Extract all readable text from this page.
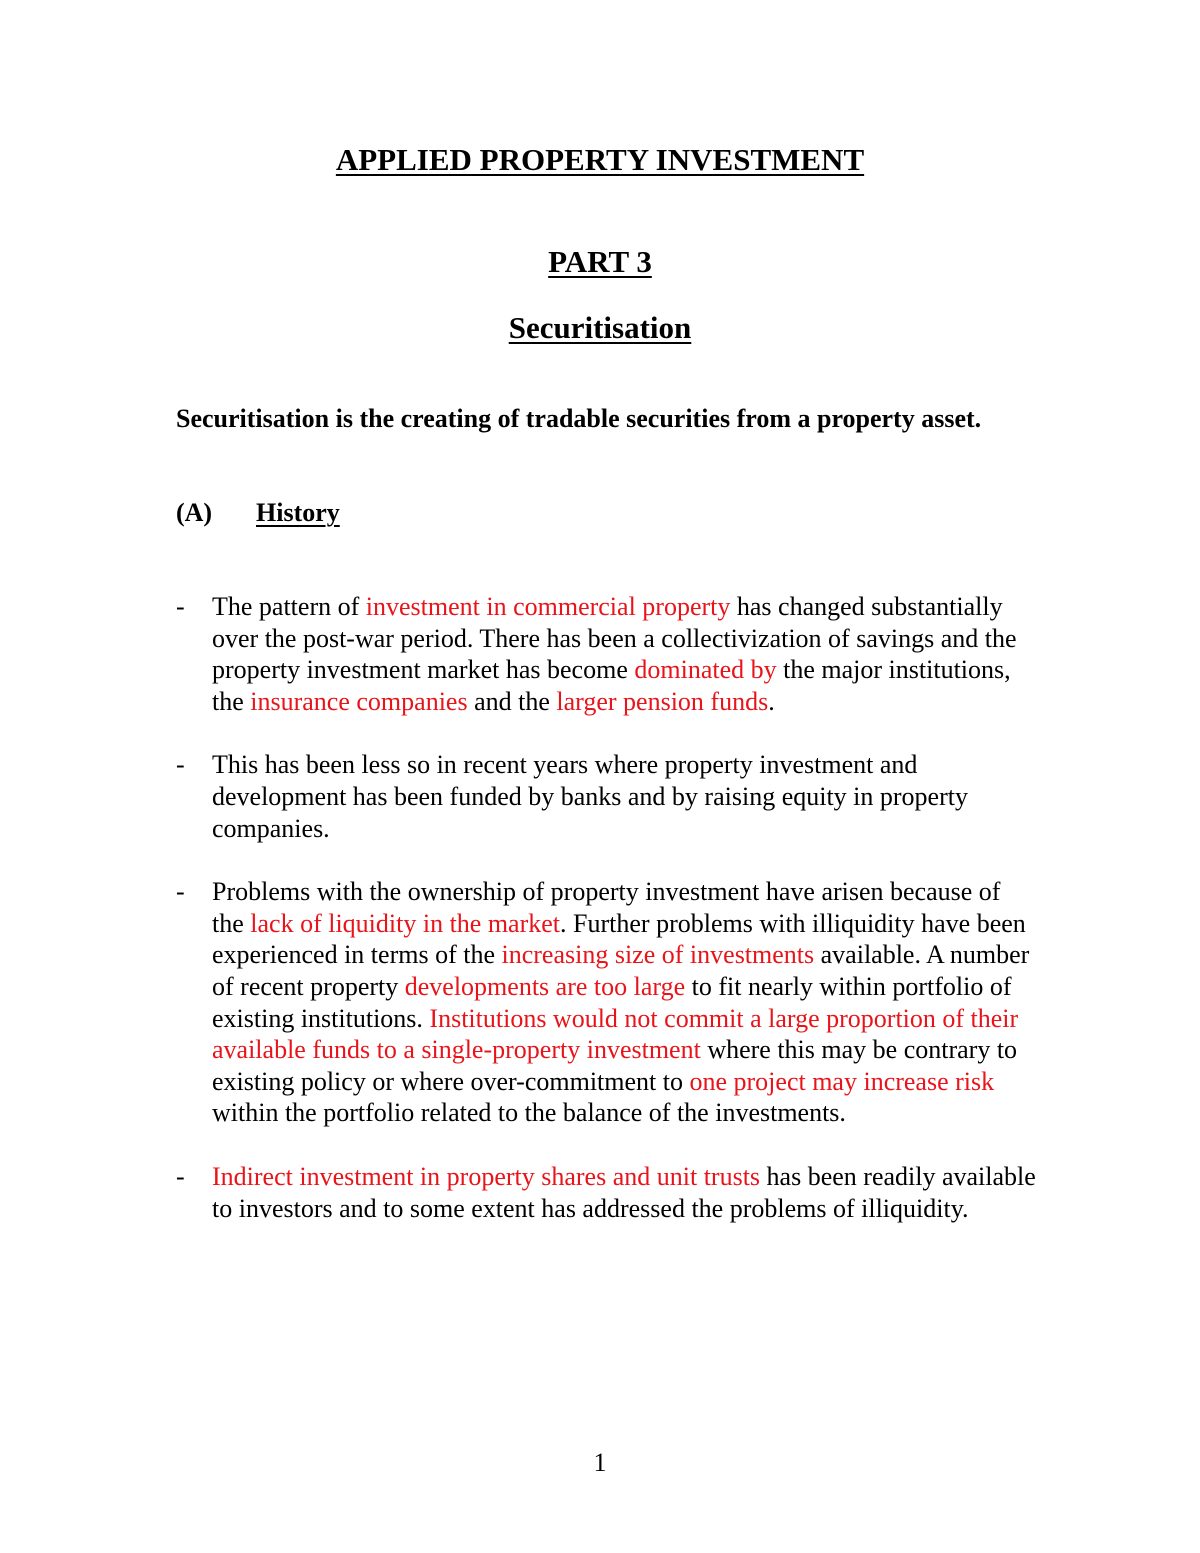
APPLIED PROPERTY INVESTMENT
PART 3
Securitisation

Securitisation is the creating of tradable securities from a property asset.

(A) History
- The pattern of investment in commercial property has changed substantially over the post-war period. There has been a collectivization of savings and the property investment market has become dominated by the major institutions, the insurance companies and the larger pension funds.
- This has been less so in recent years where property investment and development has been funded by banks and by raising equity in property companies.
- Problems with the ownership of property investment have arisen because of the lack of liquidity in the market. Further problems with illiquidity have been experienced in terms of the increasing size of investments available. A number of recent property developments are too large to fit nearly within portfolio of existing institutions. Institutions would not commit a large proportion of their available funds to a single-property investment where this may be contrary to existing policy or where over-commitment to one project may increase risk within the portfolio related to the balance of the investments.
- Indirect investment in property shares and unit trusts has been readily available to investors and to some extent has addressed the problems of illiquidity.

1
